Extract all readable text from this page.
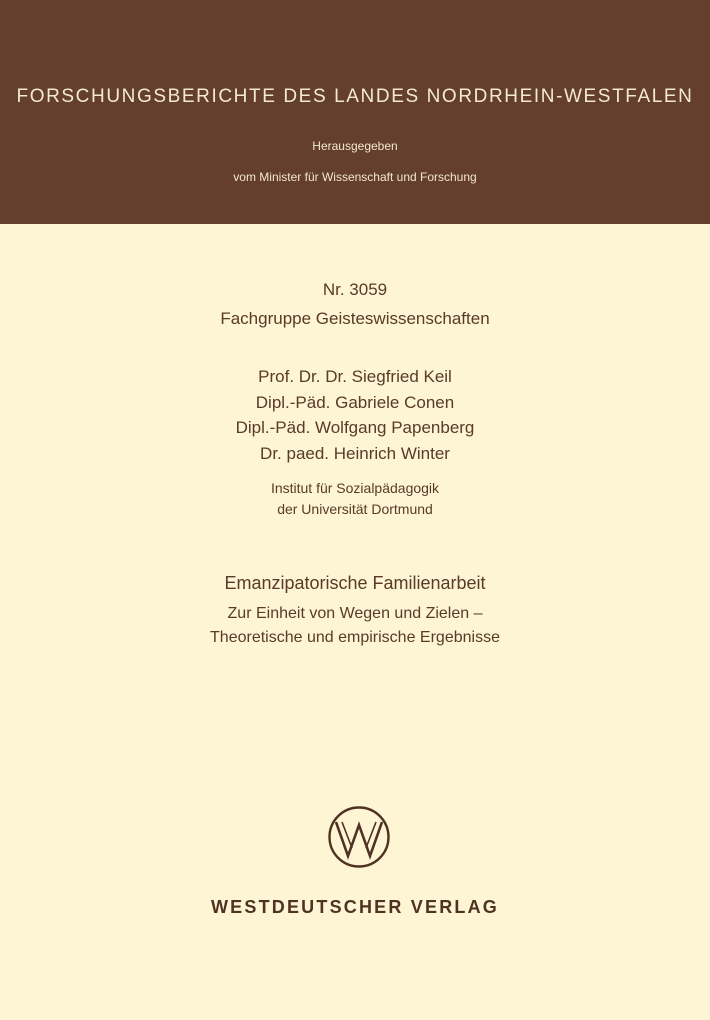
FORSCHUNGSBERICHTE DES LANDES NORDRHEIN-WESTFALEN
Herausgegeben
vom Minister für Wissenschaft und Forschung
Nr. 3059
Fachgruppe Geisteswissenschaften
Prof. Dr. Dr. Siegfried Keil
Dipl.-Päd. Gabriele Conen
Dipl.-Päd. Wolfgang Papenberg
Dr. paed. Heinrich Winter
Institut für Sozialpädagogik
der Universität Dortmund
Emanzipatorische Familienarbeit
Zur Einheit von Wegen und Zielen –
Theoretische und empirische Ergebnisse
WESTDEUTSCHER VERLAG
